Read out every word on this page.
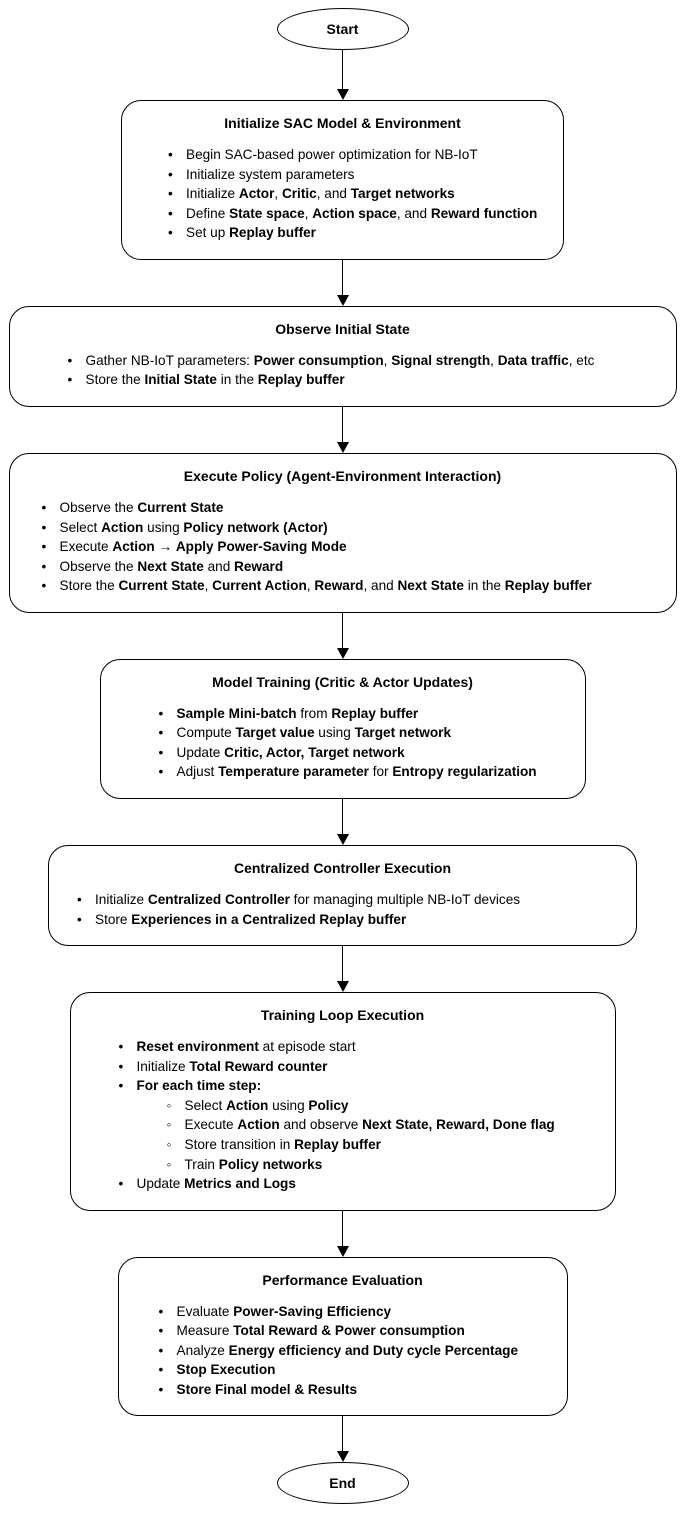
Start
Initialize SAC Model & Environment
• Begin SAC-based power optimization for NB-IoT
• Initialize system parameters
• Initialize Actor, Critic, and Target networks
• Define State space, Action space, and Reward function
• Set up Replay buffer
Observe Initial State
• Gather NB-IoT parameters: Power consumption, Signal strength, Data traffic, etc
• Store the Initial State in the Replay buffer
Execute Policy (Agent-Environment Interaction)
• Observe the Current State
• Select Action using Policy network (Actor)
• Execute Action → Apply Power-Saving Mode
• Observe the Next State and Reward
• Store the Current State, Current Action, Reward, and Next State in the Replay buffer
Model Training (Critic & Actor Updates)
• Sample Mini-batch from Replay buffer
• Compute Target value using Target network
• Update Critic, Actor, Target network
• Adjust Temperature parameter for Entropy regularization
Centralized Controller Execution
• Initialize Centralized Controller for managing multiple NB-IoT devices
• Store Experiences in a Centralized Replay buffer
Training Loop Execution
• Reset environment at episode start
• Initialize Total Reward counter
• For each time step:
◦ Select Action using Policy
◦ Execute Action and observe Next State, Reward, Done flag
◦ Store transition in Replay buffer
◦ Train Policy networks
• Update Metrics and Logs
Performance Evaluation
• Evaluate Power-Saving Efficiency
• Measure Total Reward & Power consumption
• Analyze Energy efficiency and Duty cycle Percentage
• Stop Execution
• Store Final model & Results
End
